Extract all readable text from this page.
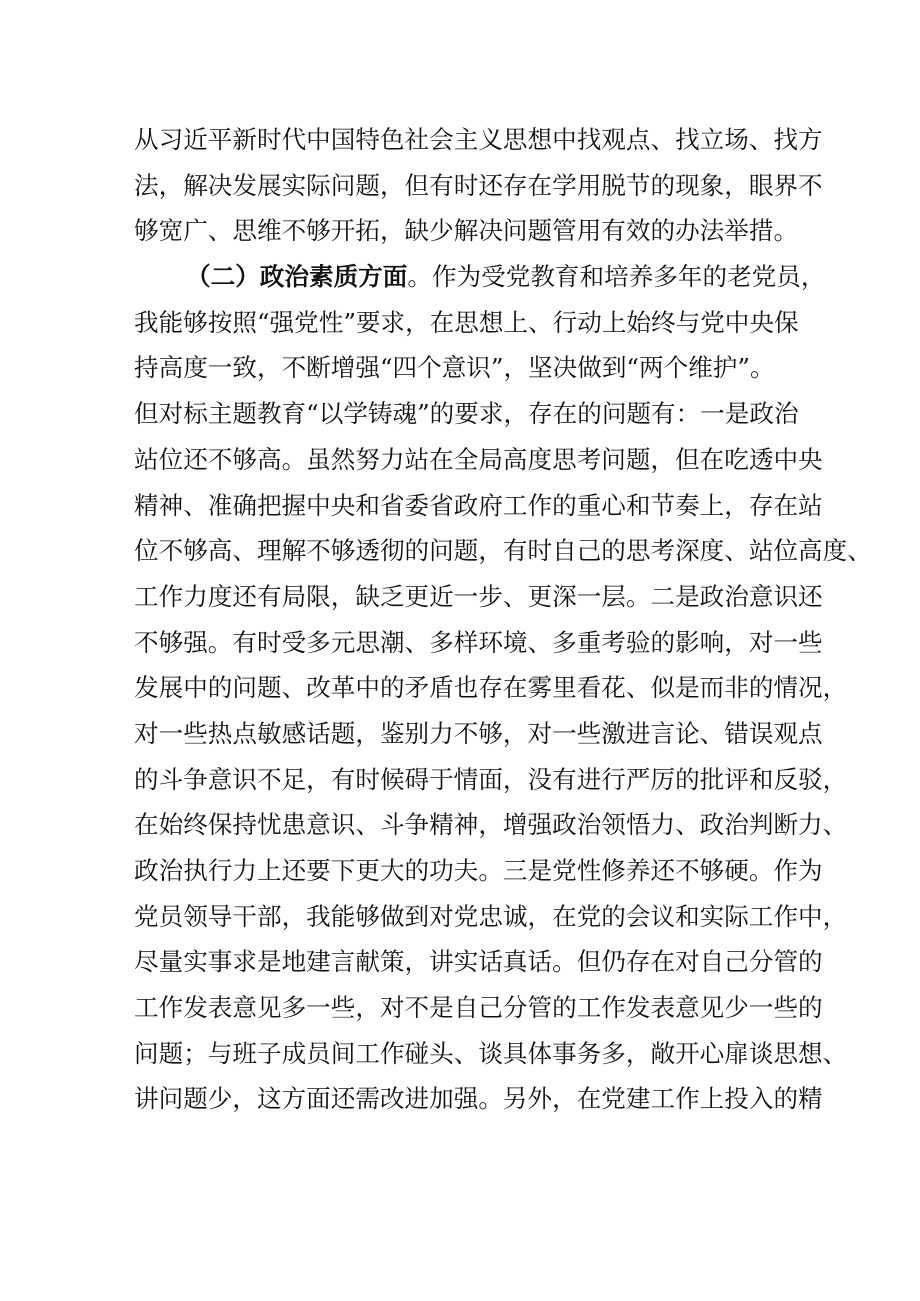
从习近平新时代中国特色社会主义思想中找观点、找立场、找方
法，解决发展实际问题，但有时还存在学用脱节的现象，眼界不
够宽广、思维不够开拓，缺少解决问题管用有效的办法举措。
（二）政治素质方面。作为受党教育和培养多年的老党员，
我能够按照“强党性”要求，在思想上、行动上始终与党中央保
持高度一致，不断增强“四个意识”，坚决做到“两个维护”。
但对标主题教育“以学铸魂”的要求，存在的问题有：一是政治
站位还不够高。虽然努力站在全局高度思考问题，但在吃透中央
精神、准确把握中央和省委省政府工作的重心和节奏上，存在站
位不够高、理解不够透彻的问题，有时自己的思考深度、站位高度、
工作力度还有局限，缺乏更近一步、更深一层。二是政治意识还
不够强。有时受多元思潮、多样环境、多重考验的影响，对一些
发展中的问题、改革中的矛盾也存在雾里看花、似是而非的情况，
对一些热点敏感话题，鉴别力不够，对一些激进言论、错误观点
的斗争意识不足，有时候碍于情面，没有进行严厉的批评和反驳，
在始终保持忧患意识、斗争精神，增强政治领悟力、政治判断力、
政治执行力上还要下更大的功夫。三是党性修养还不够硬。作为
党员领导干部，我能够做到对党忠诚，在党的会议和实际工作中，
尽量实事求是地建言献策，讲实话真话。但仍存在对自己分管的
工作发表意见多一些，对不是自己分管的工作发表意见少一些的
问题；与班子成员间工作碰头、谈具体事务多，敞开心扉谈思想、
讲问题少，这方面还需改进加强。另外，在党建工作上投入的精
